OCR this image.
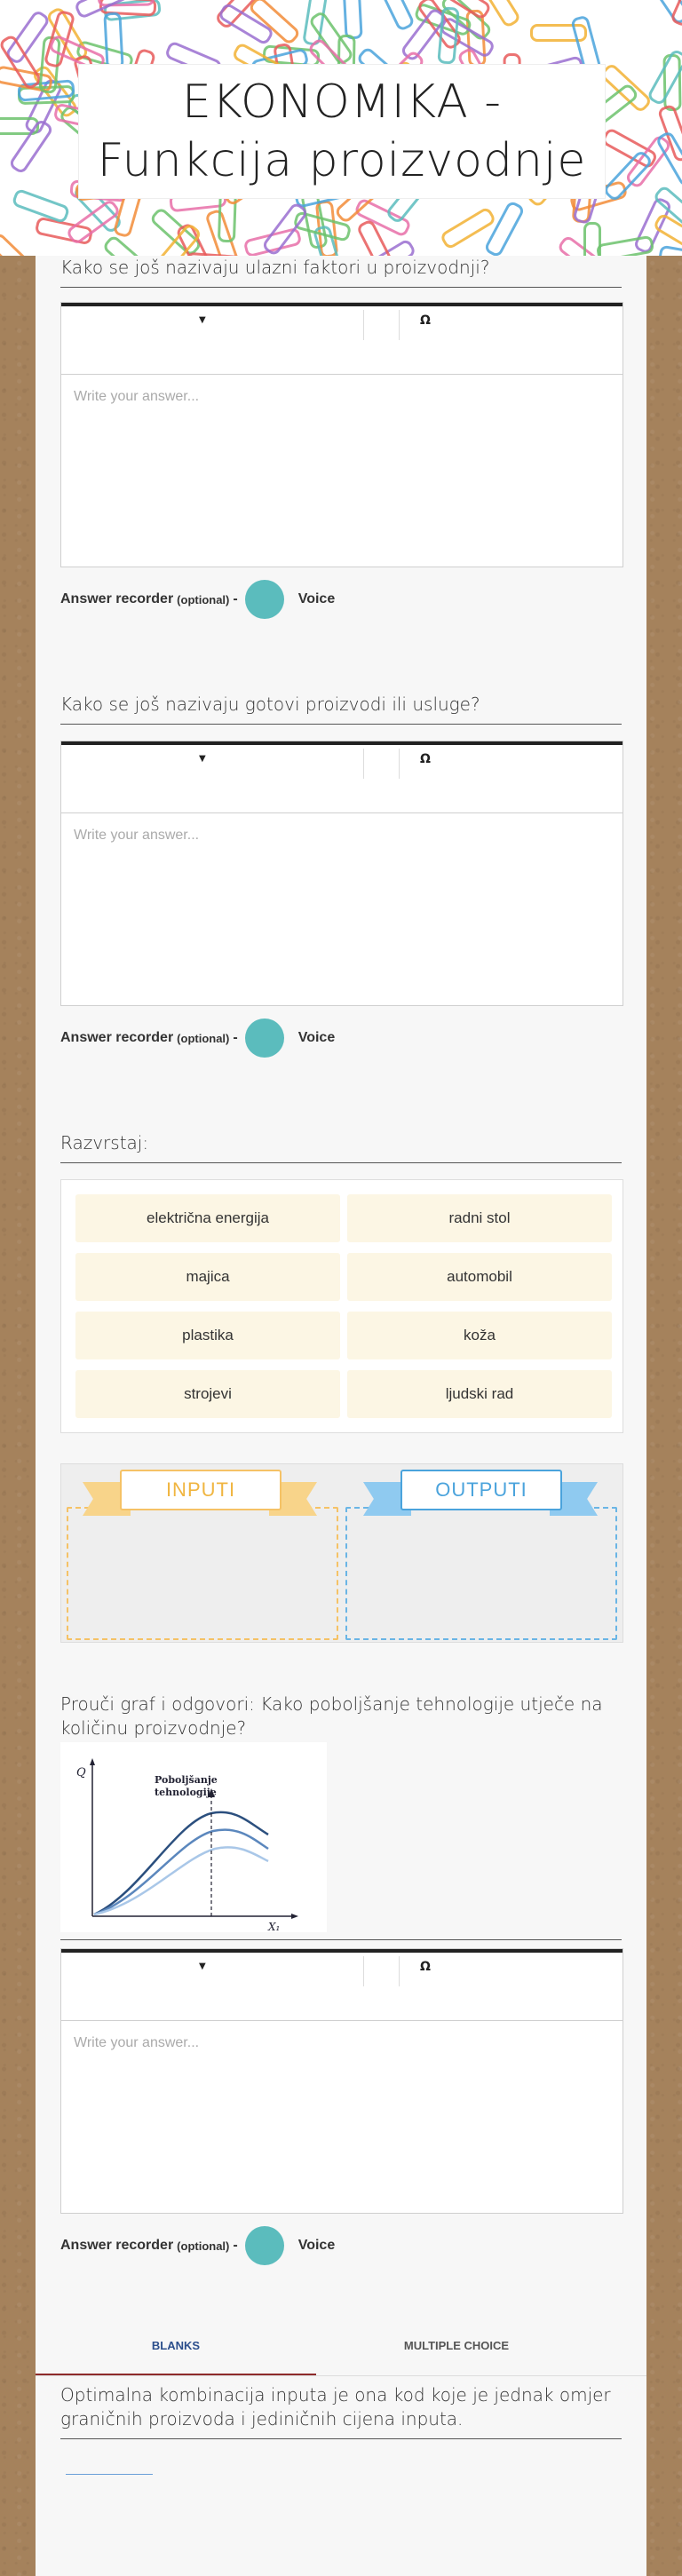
EKONOMIKA - Funkcija proizvodnje
Kako se još nazivaju ulazni faktori u proizvodnji?
▼	Ω
Write your answer...
Answer recorder (optional) -	Voice
Kako se još nazivaju gotovi proizvodi ili usluge?
▼	Ω
Write your answer...
Answer recorder (optional) -	Voice
Razvrstaj:
električna energija	radni stol
majica	automobil
plastika	koža
strojevi	ljudski rad
INPUTI	OUTPUTI
Prouči graf i odgovori: Kako poboljšanje tehnologije utječe na količinu proizvodnje?
Q
X₁
Poboljšanje
tehnologije
▼	Ω
Write your answer...
Answer recorder (optional) -	Voice
BLANKS	MULTIPLE CHOICE
Optimalna kombinacija inputa je ona kod koje je jednak omjer graničnih proizvoda i jediničnih cijena inputa.
